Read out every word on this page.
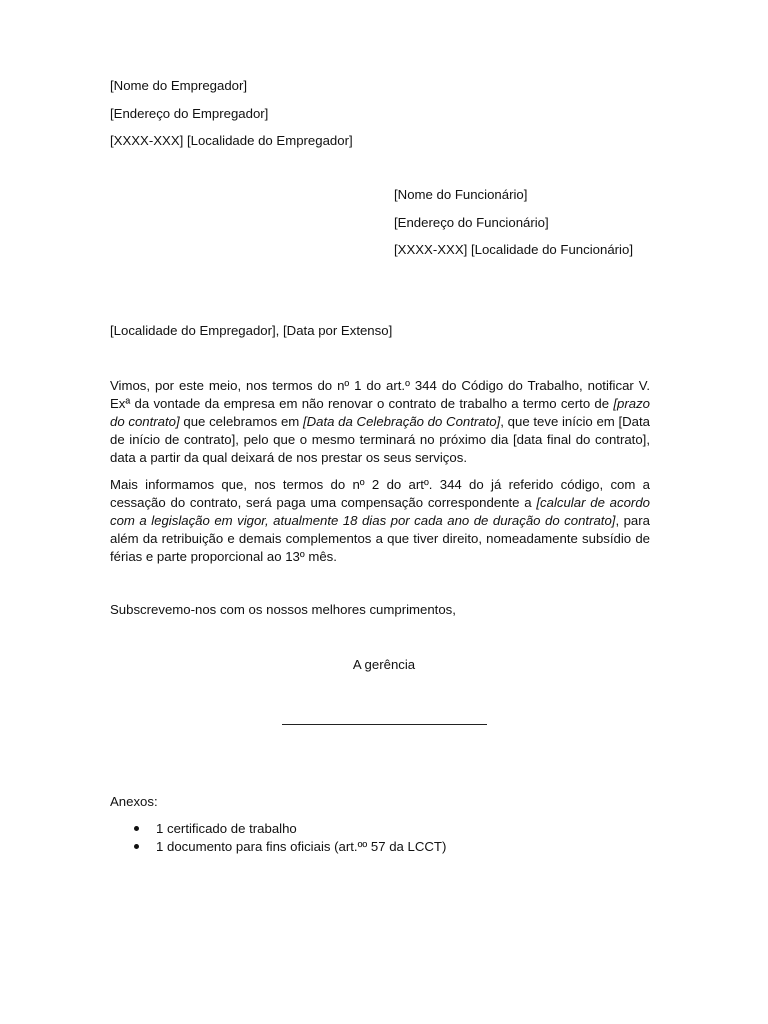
[Nome do Empregador]
[Endereço do Empregador]
[XXXX-XXX] [Localidade do Empregador]
[Nome do Funcionário]
[Endereço do Funcionário]
[XXXX-XXX] [Localidade do Funcionário]
[Localidade do Empregador], [Data por Extenso]
Vimos, por este meio, nos termos do nº 1 do art.º 344 do Código do Trabalho, notificar V. Exª da vontade da empresa em não renovar o contrato de trabalho a termo certo de [prazo do contrato] que celebramos em [Data da Celebração do Contrato], que teve início em [Data de início de contrato], pelo que o mesmo terminará no próximo dia [data final do contrato], data a partir da qual deixará de nos prestar os seus serviços.
Mais informamos que, nos termos do nº 2 do artº. 344 do já referido código, com a cessação do contrato, será paga uma compensação correspondente a [calcular de acordo com a legislação em vigor, atualmente 18 dias por cada ano de duração do contrato], para além da retribuição e demais complementos a que tiver direito, nomeadamente subsídio de férias e parte proporcional ao 13º mês.
Subscrevemo-nos com os nossos melhores cumprimentos,
A gerência
Anexos:
1 certificado de trabalho
1 documento para fins oficiais (art.ºº 57 da LCCT)
